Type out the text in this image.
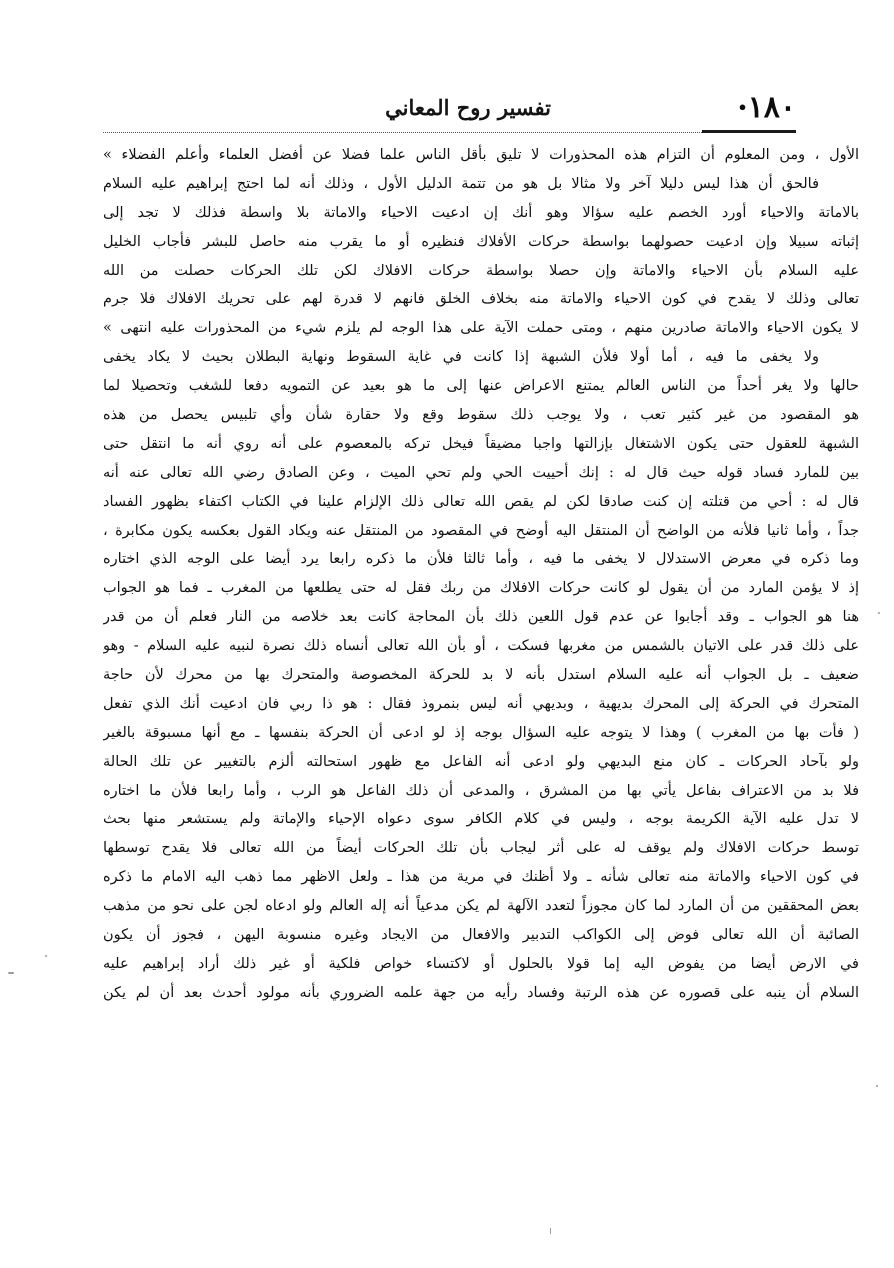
١٨٠•
تفسير روح المعاني
الأول ، ومن المعلوم أن التزام هذه المحذورات لا تليق بأقل الناس علما فضلا عن أفضل العلماء وأعلم الفضلاء »
فالحق أن هذا ليس دليلا آخر ولا مثالا بل هو من تتمة الدليل الأول ، وذلك أنه لما احتج إبراهيم عليه السلام
بالاماتة والاحياء أورد الخصم عليه سؤالا وهو أنك إن ادعيت الاحياء والاماتة بلا واسطة فذلك لا تجد إلى
إثباته سبيلا وإن ادعيت حصولهما بواسطة حركات الأفلاك فنظيره أو ما يقرب منه حاصل للبشر فأجاب الخليل
عليه السلام بأن الاحياء والاماتة وإن حصلا بواسطة حركات الافلاك لكن تلك الحركات حصلت من الله
تعالى وذلك لا يقدح في كون الاحياء والاماتة منه بخلاف الخلق فانهم لا قدرة لهم على تحريك الافلاك فلا جرم
لا يكون الاحياء والاماتة صادرين منهم ، ومتى حملت الآية على هذا الوجه لم يلزم شيء من المحذورات عليه انتهى »
ولا يخفى ما فيه ، أما أولا فلأن الشبهة إذا كانت في غاية السقوط ونهاية البطلان بحيث لا يكاد يخفى
حالها ولا يغر أحداً من الناس العالم يمتنع الاعراض عنها إلى ما هو بعيد عن التمويه دفعا للشغب وتحصيلا لما
هو المقصود من غير كثير تعب ، ولا يوجب ذلك سقوط وقع ولا حقارة شأن وأي تلبيس يحصل من هذه
الشبهة للعقول حتى يكون الاشتغال بإزالتها واجبا مضيقاً فيخل تركه بالمعصوم على أنه روي أنه ما انتقل حتى
بين للمارد فساد قوله حيث قال له : إنك أحييت الحي ولم تحي الميت ، وعن الصادق رضي الله تعالى عنه أنه
قال له : أحي من قتلته إن كنت صادقا لكن لم يقص الله تعالى ذلك الإلزام علينا في الكتاب اكتفاء بظهور الفساد
جداً ، وأما ثانيا فلأنه من الواضح أن المنتقل اليه أوضح في المقصود من المنتقل عنه ويكاد القول بعكسه يكون مكابرة ،
وما ذكره في معرض الاستدلال لا يخفى ما فيه ، وأما ثالثا فلأن ما ذكره رابعا يرد أيضا على الوجه الذي اختاره
إذ لا يؤمن المارد من أن يقول لو كانت حركات الافلاك من ربك فقل له حتى يطلعها من المغرب ـ فما هو الجواب
هنا هو الجواب ـ وقد أجابوا عن عدم قول اللعين ذلك بأن المحاجة كانت بعد خلاصه من النار فعلم أن من قدر
على ذلك قدر على الاتيان بالشمس من مغربها فسكت ، أو بأن الله تعالى أنساه ذلك نصرة لنبيه عليه السلام - وهو
ضعيف ـ بل الجواب أنه عليه السلام استدل بأنه لا بد للحركة المخصوصة والمتحرك بها من محرك لأن حاجة
المتحرك في الحركة إلى المحرك بديهية ، وبديهي أنه ليس بنمروذ فقال : هو ذا ربي فان ادعيت أنك الذي تفعل
( فأت بها من المغرب ) وهذا لا يتوجه عليه السؤال بوجه إذ لو ادعى أن الحركة بنفسها ـ مع أنها مسبوقة بالغير
ولو بآحاد الحركات ـ كان منع البديهي ولو ادعى أنه الفاعل مع ظهور استحالته ألزم بالتغيير عن تلك الحالة
فلا بد من الاعتراف بفاعل يأتي بها من المشرق ، والمدعى أن ذلك الفاعل هو الرب ، وأما رابعا فلأن ما اختاره
لا تدل عليه الآية الكريمة بوجه ، وليس في كلام الكافر سوى دعواه الإحياء والإماتة ولم يستشعر منها بحث
توسط حركات الافلاك ولم يوقف له على أثر ليجاب بأن تلك الحركات أيضاً من الله تعالى فلا يقدح توسطها
في كون الاحياء والاماتة منه تعالى شأنه ـ ولا أظنك في مرية من هذا ـ ولعل الاظهر مما ذهب اليه الامام ما ذكره
بعض المحققين من أن المارد لما كان مجوزاً لتعدد الآلهة لم يكن مدعياً أنه إله العالم ولو ادعاه لجن على نحو من مذهب
الصائبة أن الله تعالى فوض إلى الكواكب التدبير والافعال من الايجاد وغيره منسوبة اليهن ، فجوز أن يكون
في الارض أيضا من يفوض اليه إما قولا بالحلول أو لاكتساء خواص فلكية أو غير ذلك أراد إبراهيم عليه
السلام أن ينبه على قصوره عن هذه الرتبة وفساد رأيه من جهة علمه الضروري بأنه مولود أحدث بعد أن لم يكن
